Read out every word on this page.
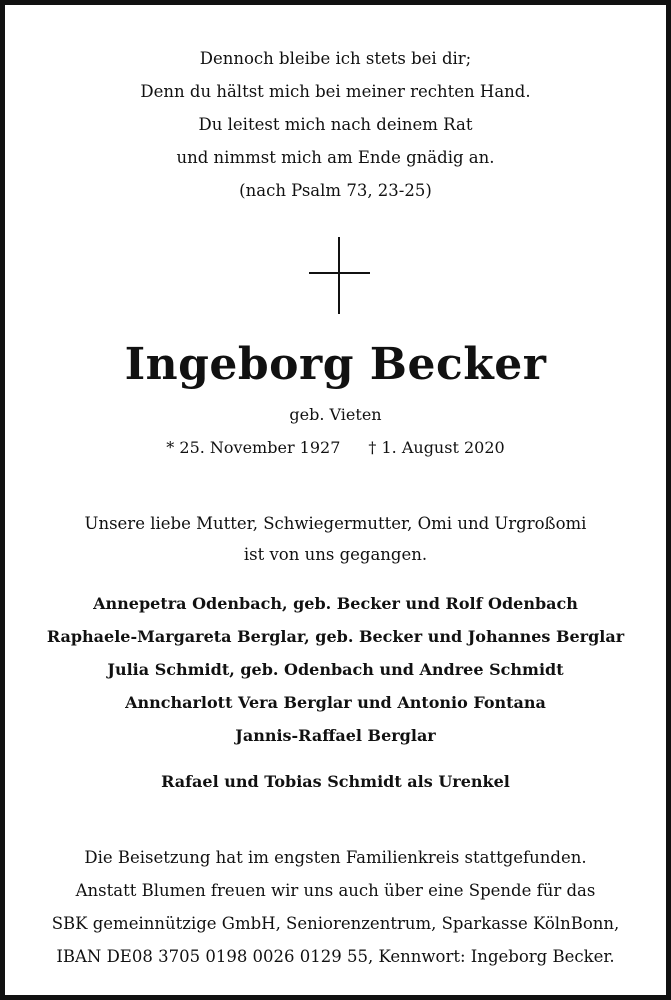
Dennoch bleibe ich stets bei dir;
Denn du hältst mich bei meiner rechten Hand.
Du leitest mich nach deinem Rat
und nimmst mich am Ende gnädig an.
(nach Psalm 73, 23-25)
Ingeborg Becker
geb. Vieten
* 25. November 1927 † 1. August 2020
Unsere liebe Mutter, Schwiegermutter, Omi und Urgroßomi
ist von uns gegangen.
Annepetra Odenbach, geb. Becker und Rolf Odenbach
Raphaele-Margareta Berglar, geb. Becker und Johannes Berglar
Julia Schmidt, geb. Odenbach und Andree Schmidt
Anncharlott Vera Berglar und Antonio Fontana
Jannis-Raffael Berglar
Rafael und Tobias Schmidt als Urenkel
Die Beisetzung hat im engsten Familienkreis stattgefunden.
Anstatt Blumen freuen wir uns auch über eine Spende für das
SBK gemeinnützige GmbH, Seniorenzentrum, Sparkasse KölnBonn,
IBAN DE08 3705 0198 0026 0129 55, Kennwort: Ingeborg Becker.
